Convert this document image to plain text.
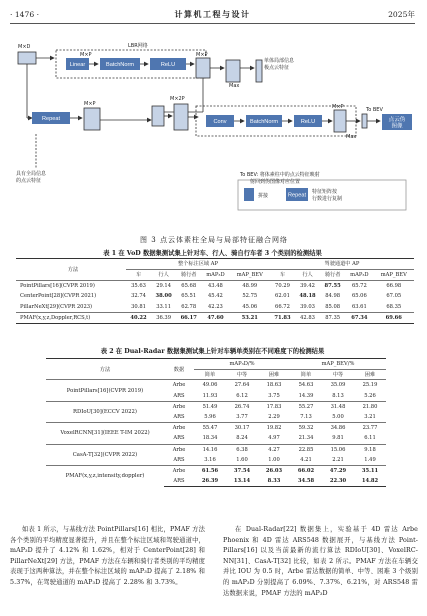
· 1476 ·	计算机工程与设计	2025年
Linear	BatchNorm	ReLU
Repeat	Conv	BatchNorm	ReLU	点云伪
图像
Repeat
M×D
M×P
LBR网络
M×P
Max
单体局部信息
极点云特征
M×P
M×2P
M×P
Max
To BEV
具有全局信息
的点云特征
To BEV: 将体素柱中的点云特征映射
射回到伪图像对应位置
拼接
特征矩阵按
行数进行复制
图 3 点云体素柱全局与局部特征融合网络
表 1 在 VoD 数据集测试集上针对车、行人、骑自行车者 3 个类别的检测结果
方法	整个标注区域 AP					驾驶通道中 AP				
	车	行人	骑行者	mAP₃D	mAP_BEV	车	行人	骑行者	mAP₃D	mAP_BEV
PointPillars[16](CVPR 2019)	35.63	29.14	65.68	43.48	48.99	70.29	39.42	87.55	65.72	66.98
CenterPoint[28](CVPR 2021)	32.74	38.00	65.51	45.42	52.75	62.01	48.18	84.98	65.06	67.05
PillarNeXt[29](CVPR 2023)	30.81	33.11	62.78	42.23	45.06	66.72	39.03	85.08	63.61	68.35
PMAF(x,y,z,Doppler,RCS,t)	40.22	36.39	66.17	47.60	53.21	71.83	42.83	87.35	67.34	69.66
表 2 在 Dual-Radar 数据集测试集上针对车辆单类别在不同难度下的检测结果
方法	数据	mAP₃D/%			mAP_BEV/%		
		简单	中等	困难	简单	中等	困难
PointPillars[16](CVPR 2019)	Arbe	49.06	27.64	18.63	54.63	35.09	25.19
	ARS	11.93	6.12	3.75	14.39	8.13	5.26
RDIoU[30](ECCV 2022)	Arbe	51.49	26.74	17.83	55.27	31.48	21.80
	ARS	5.96	3.77	2.29	7.13	5.00	3.21
VoxelRCNN[31](IEEE T-IM 2022)	Arbe	55.47	30.17	19.82	59.32	34.86	23.77
	ARS	18.34	8.24	4.97	21.34	9.81	6.11
CasA-T[32](CVPR 2022)	Arbe	14.16	6.38	4.27	22.85	15.06	9.18
	ARS	3.16	1.60	1.00	4.21	2.21	1.49
PMAF(x,y,z,intensity,doppler)	Arbe	61.56	37.54	26.03	66.02	47.29	35.11
	ARS	26.39	13.14	8.33	34.58	22.30	14.82

如表 1 所示，与基线方法 PointPillars[16] 相比，PMAF 方法各个类别的平均精度显著提升，并且在整个标注区域和驾驶通道中，mAP₃D 提升了 4.12% 和 1.62%，相对于 CenterPoint[28] 和 PillarNeXt[29] 方法，PMAF 方法在车辆和骑行者类别的平均精度表现于这两种算法，并在整个标注区域的 mAP₃D 提高了 2.18% 和 5.37%，在驾驶通道的 mAP₃D 提高了 2.28% 和 3.73%。

在 Dual-Radar[22] 数据集上，实验基于 4D 雷达 Arbe Phoenix 和 4D 雷达 ARS548 数据展开，与基线方法 Point-Pillars[16] 以及当前最新的流行算法 RDIoU[30]、VoxelRC-NN[31]、CasA-T[32] 比较，如表 2 所示。PMAF 方法在车辆交并比 IOU 为 0.5 时，Arbe 雷达数据的简单、中等、困难 3 个级别的 mAP₃D 分别提高了 6.09%、7.37%、6.21%，对 ARS548 雷达数据来说，PMAF 方法的 mAP₃D
